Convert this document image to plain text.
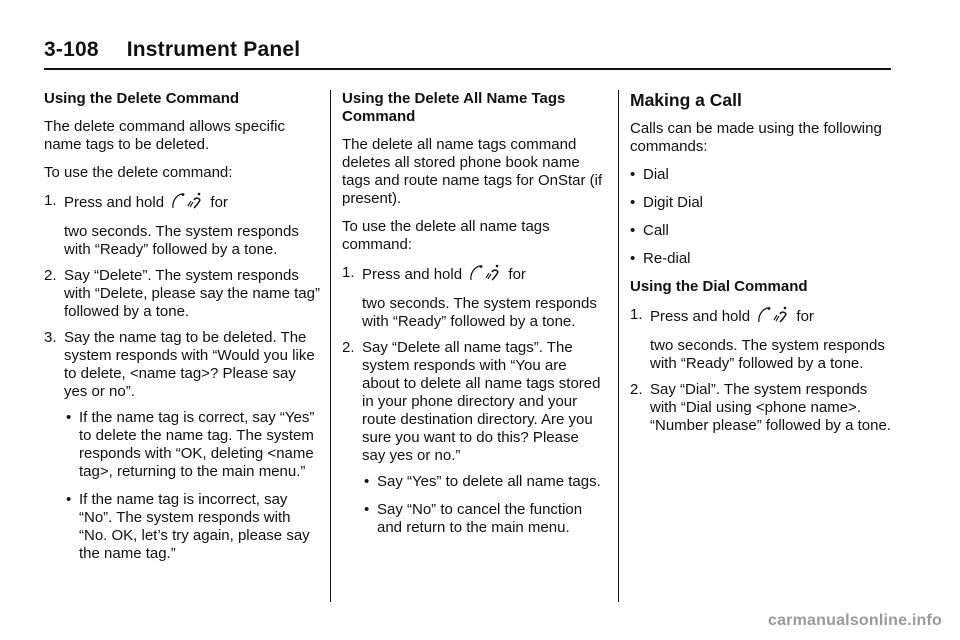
3-108 Instrument Panel
Using the Delete Command
The delete command allows specific name tags to be deleted.
To use the delete command:
1. Press and hold	for
two seconds. The system responds with “Ready” followed by a tone.
2. Say “Delete”. The system responds with “Delete, please say the name tag” followed by a tone.
3. Say the name tag to be deleted. The system responds with “Would you like to delete, <name tag>? Please say yes or no”.
• If the name tag is correct, say “Yes” to delete the name tag. The system responds with “OK, deleting <name tag>, returning to the main menu.”
• If the name tag is incorrect, say “No”. The system responds with “No. OK, let’s try again, please say the name tag.”
Using the Delete All Name Tags Command
The delete all name tags command deletes all stored phone book name tags and route name tags for OnStar (if present).
To use the delete all name tags command:
1. Press and hold	for
two seconds. The system responds with “Ready” followed by a tone.
2. Say “Delete all name tags”. The system responds with “You are about to delete all name tags stored in your phone directory and your route destination directory. Are you sure you want to do this? Please say yes or no.”
• Say “Yes” to delete all name tags.
• Say “No” to cancel the function and return to the main menu.
Making a Call
Calls can be made using the following commands:
• Dial
• Digit Dial
• Call
• Re-dial
Using the Dial Command
1. Press and hold	for
two seconds. The system responds with “Ready” followed by a tone.
2. Say “Dial”. The system responds with “Dial using <phone name>. “Number please” followed by a tone.
carmanualsonline.info
